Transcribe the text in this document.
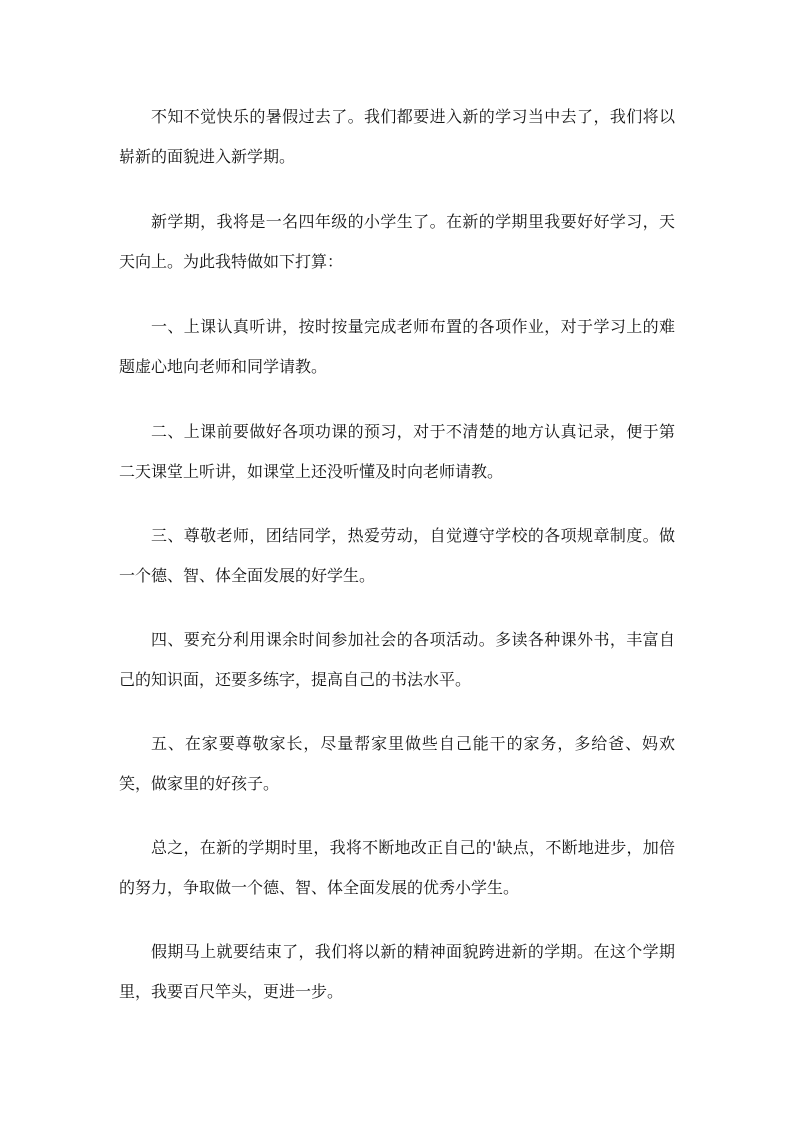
不知不觉快乐的暑假过去了。我们都要进入新的学习当中去了，我们将以崭新的面貌进入新学期。

新学期，我将是一名四年级的小学生了。在新的学期里我要好好学习，天天向上。为此我特做如下打算：

一、上课认真听讲，按时按量完成老师布置的各项作业，对于学习上的难题虚心地向老师和同学请教。

二、上课前要做好各项功课的预习，对于不清楚的地方认真记录，便于第二天课堂上听讲，如课堂上还没听懂及时向老师请教。

三、尊敬老师，团结同学，热爱劳动，自觉遵守学校的各项规章制度。做一个德、智、体全面发展的好学生。

四、要充分利用课余时间参加社会的各项活动。多读各种课外书，丰富自己的知识面，还要多练字，提高自己的书法水平。

五、在家要尊敬家长，尽量帮家里做些自己能干的家务，多给爸、妈欢笑，做家里的好孩子。

总之，在新的学期时里，我将不断地改正自己的'缺点，不断地进步，加倍的努力，争取做一个德、智、体全面发展的优秀小学生。

假期马上就要结束了，我们将以新的精神面貌跨进新的学期。在这个学期里，我要百尺竿头，更进一步。
